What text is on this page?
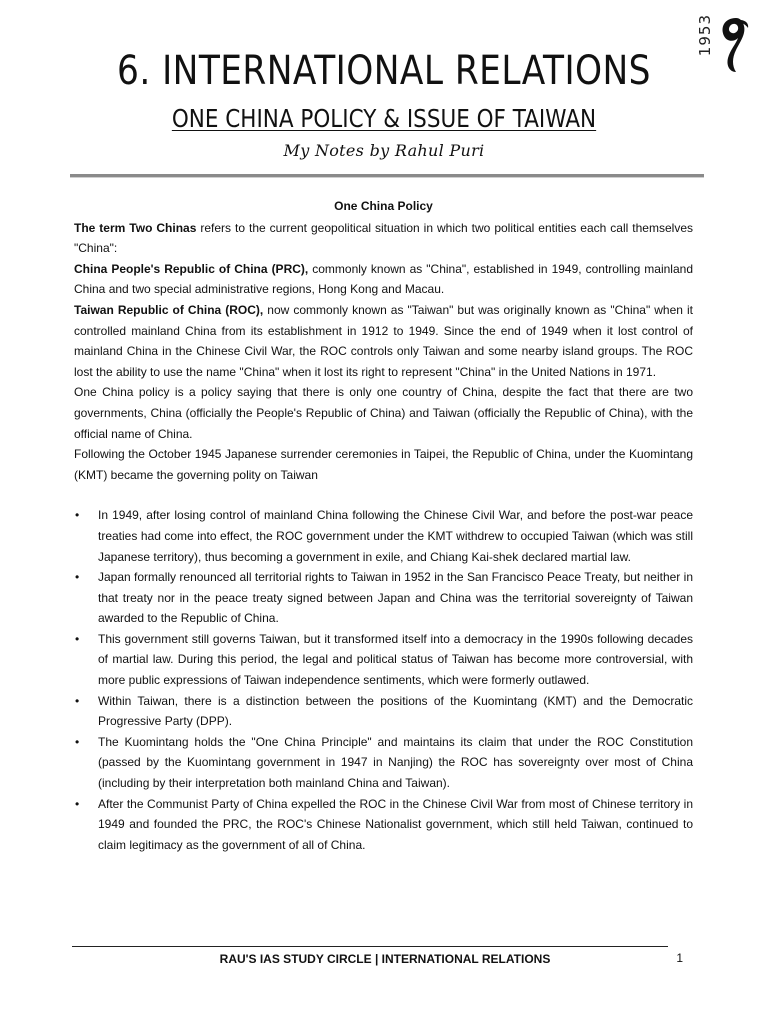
1953
6. INTERNATIONAL RELATIONS
ONE CHINA POLICY & ISSUE OF TAIWAN
My Notes by Rahul Puri

One China Policy

The term Two Chinas refers to the current geopolitical situation in which two political entities each call themselves "China":

China People's Republic of China (PRC), commonly known as "China", established in 1949, controlling mainland China and two special administrative regions, Hong Kong and Macau.

Taiwan Republic of China (ROC), now commonly known as "Taiwan" but was originally known as "China" when it controlled mainland China from its establishment in 1912 to 1949. Since the end of 1949 when it lost control of mainland China in the Chinese Civil War, the ROC controls only Taiwan and some nearby island groups. The ROC lost the ability to use the name "China" when it lost its right to represent "China" in the United Nations in 1971.

One China policy is a policy saying that there is only one country of China, despite the fact that there are two governments, China (officially the People's Republic of China) and Taiwan (officially the Republic of China), with the official name of China.

Following the October 1945 Japanese surrender ceremonies in Taipei, the Republic of China, under the Kuomintang (KMT) became the governing polity on Taiwan

• In 1949, after losing control of mainland China following the Chinese Civil War, and before the post-war peace treaties had come into effect, the ROC government under the KMT withdrew to occupied Taiwan (which was still Japanese territory), thus becoming a government in exile, and Chiang Kai-shek declared martial law.
• Japan formally renounced all territorial rights to Taiwan in 1952 in the San Francisco Peace Treaty, but neither in that treaty nor in the peace treaty signed between Japan and China was the territorial sovereignty of Taiwan awarded to the Republic of China.
• This government still governs Taiwan, but it transformed itself into a democracy in the 1990s following decades of martial law. During this period, the legal and political status of Taiwan has become more controversial, with more public expressions of Taiwan independence sentiments, which were formerly outlawed.
• Within Taiwan, there is a distinction between the positions of the Kuomintang (KMT) and the Democratic Progressive Party (DPP).
• The Kuomintang holds the "One China Principle" and maintains its claim that under the ROC Constitution (passed by the Kuomintang government in 1947 in Nanjing) the ROC has sovereignty over most of China (including by their interpretation both mainland China and Taiwan).
• After the Communist Party of China expelled the ROC in the Chinese Civil War from most of Chinese territory in 1949 and founded the PRC, the ROC's Chinese Nationalist government, which still held Taiwan, continued to claim legitimacy as the government of all of China.
RAU'S IAS STUDY CIRCLE | INTERNATIONAL RELATIONS	1
